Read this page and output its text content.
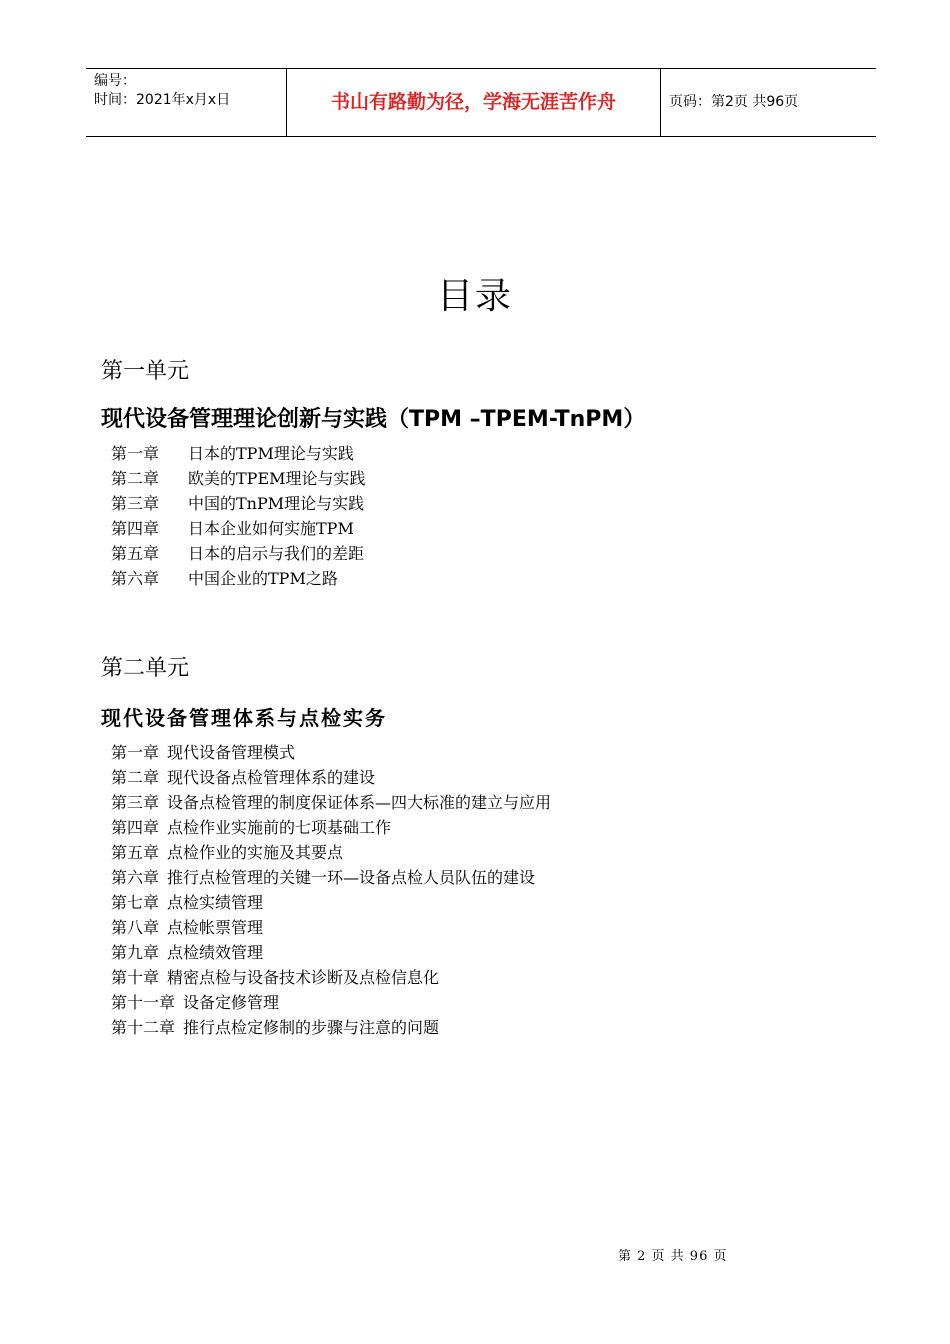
编号：
时间：2021年x月x日	书山有路勤为径，学海无涯苦作舟	页码：第2页 共96页
目录
第一单元
现代设备管理理论创新与实践（TPM –TPEM-TnPM）
第一章 日本的TPM理论与实践
第二章 欧美的TPEM理论与实践
第三章 中国的TnPM理论与实践
第四章 日本企业如何实施TPM
第五章 日本的启示与我们的差距
第六章 中国企业的TPM之路
第二单元
现代设备管理体系与点检实务
第一章 现代设备管理模式
第二章 现代设备点检管理体系的建设
第三章 设备点检管理的制度保证体系—四大标准的建立与应用
第四章 点检作业实施前的七项基础工作
第五章 点检作业的实施及其要点
第六章 推行点检管理的关键一环—设备点检人员队伍的建设
第七章 点检实绩管理
第八章 点检帐票管理
第九章 点检绩效管理
第十章 精密点检与设备技术诊断及点检信息化
第十一章 设备定修管理
第十二章 推行点检定修制的步骤与注意的问题
第 2 页 共 96 页
